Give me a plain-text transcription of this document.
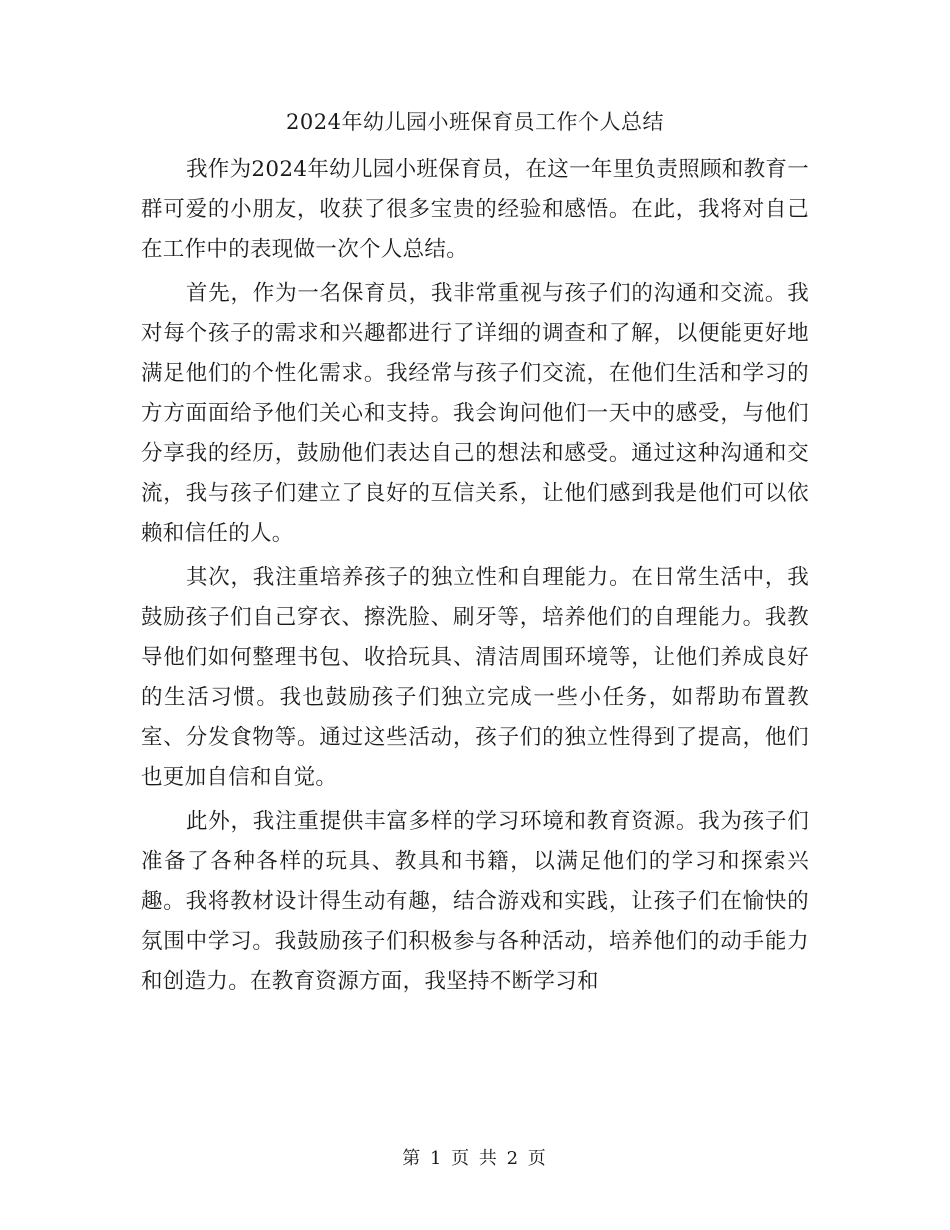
2024年幼儿园小班保育员工作个人总结

我作为2024年幼儿园小班保育员，在这一年里负责照顾和教育一群可爱的小朋友，收获了很多宝贵的经验和感悟。在此，我将对自己在工作中的表现做一次个人总结。

首先，作为一名保育员，我非常重视与孩子们的沟通和交流。我对每个孩子的需求和兴趣都进行了详细的调查和了解，以便能更好地满足他们的个性化需求。我经常与孩子们交流，在他们生活和学习的方方面面给予他们关心和支持。我会询问他们一天中的感受，与他们分享我的经历，鼓励他们表达自己的想法和感受。通过这种沟通和交流，我与孩子们建立了良好的互信关系，让他们感到我是他们可以依赖和信任的人。

其次，我注重培养孩子的独立性和自理能力。在日常生活中，我鼓励孩子们自己穿衣、擦洗脸、刷牙等，培养他们的自理能力。我教导他们如何整理书包、收拾玩具、清洁周围环境等，让他们养成良好的生活习惯。我也鼓励孩子们独立完成一些小任务，如帮助布置教室、分发食物等。通过这些活动，孩子们的独立性得到了提高，他们也更加自信和自觉。

此外，我注重提供丰富多样的学习环境和教育资源。我为孩子们准备了各种各样的玩具、教具和书籍，以满足他们的学习和探索兴趣。我将教材设计得生动有趣，结合游戏和实践，让孩子们在愉快的氛围中学习。我鼓励孩子们积极参与各种活动，培养他们的动手能力和创造力。在教育资源方面，我坚持不断学习和

第 1 页 共 2 页
